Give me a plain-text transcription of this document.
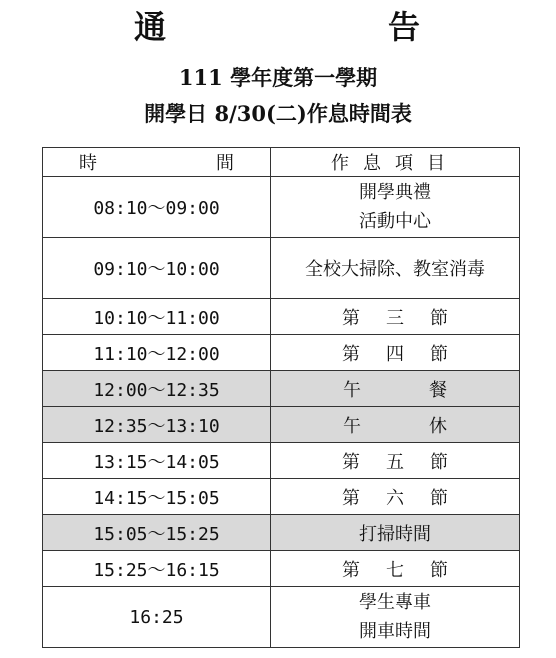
通	告

111 學年度第一學期

開學日 8/30(二)作息時間表

時 間	作息項目
08:10～09:00	開學典禮
活動中心

09:10～10:00	全校大掃除、教室消毒
10:10～11:00	第三節
11:10～12:00	第四節
12:00～12:35	午餐
12:35～13:10	午休
13:15～14:05	第五節
14:15～15:05	第六節
15:05～15:25	打掃時間
15:25～16:15	第七節
16:25	學生專車
開車時間
